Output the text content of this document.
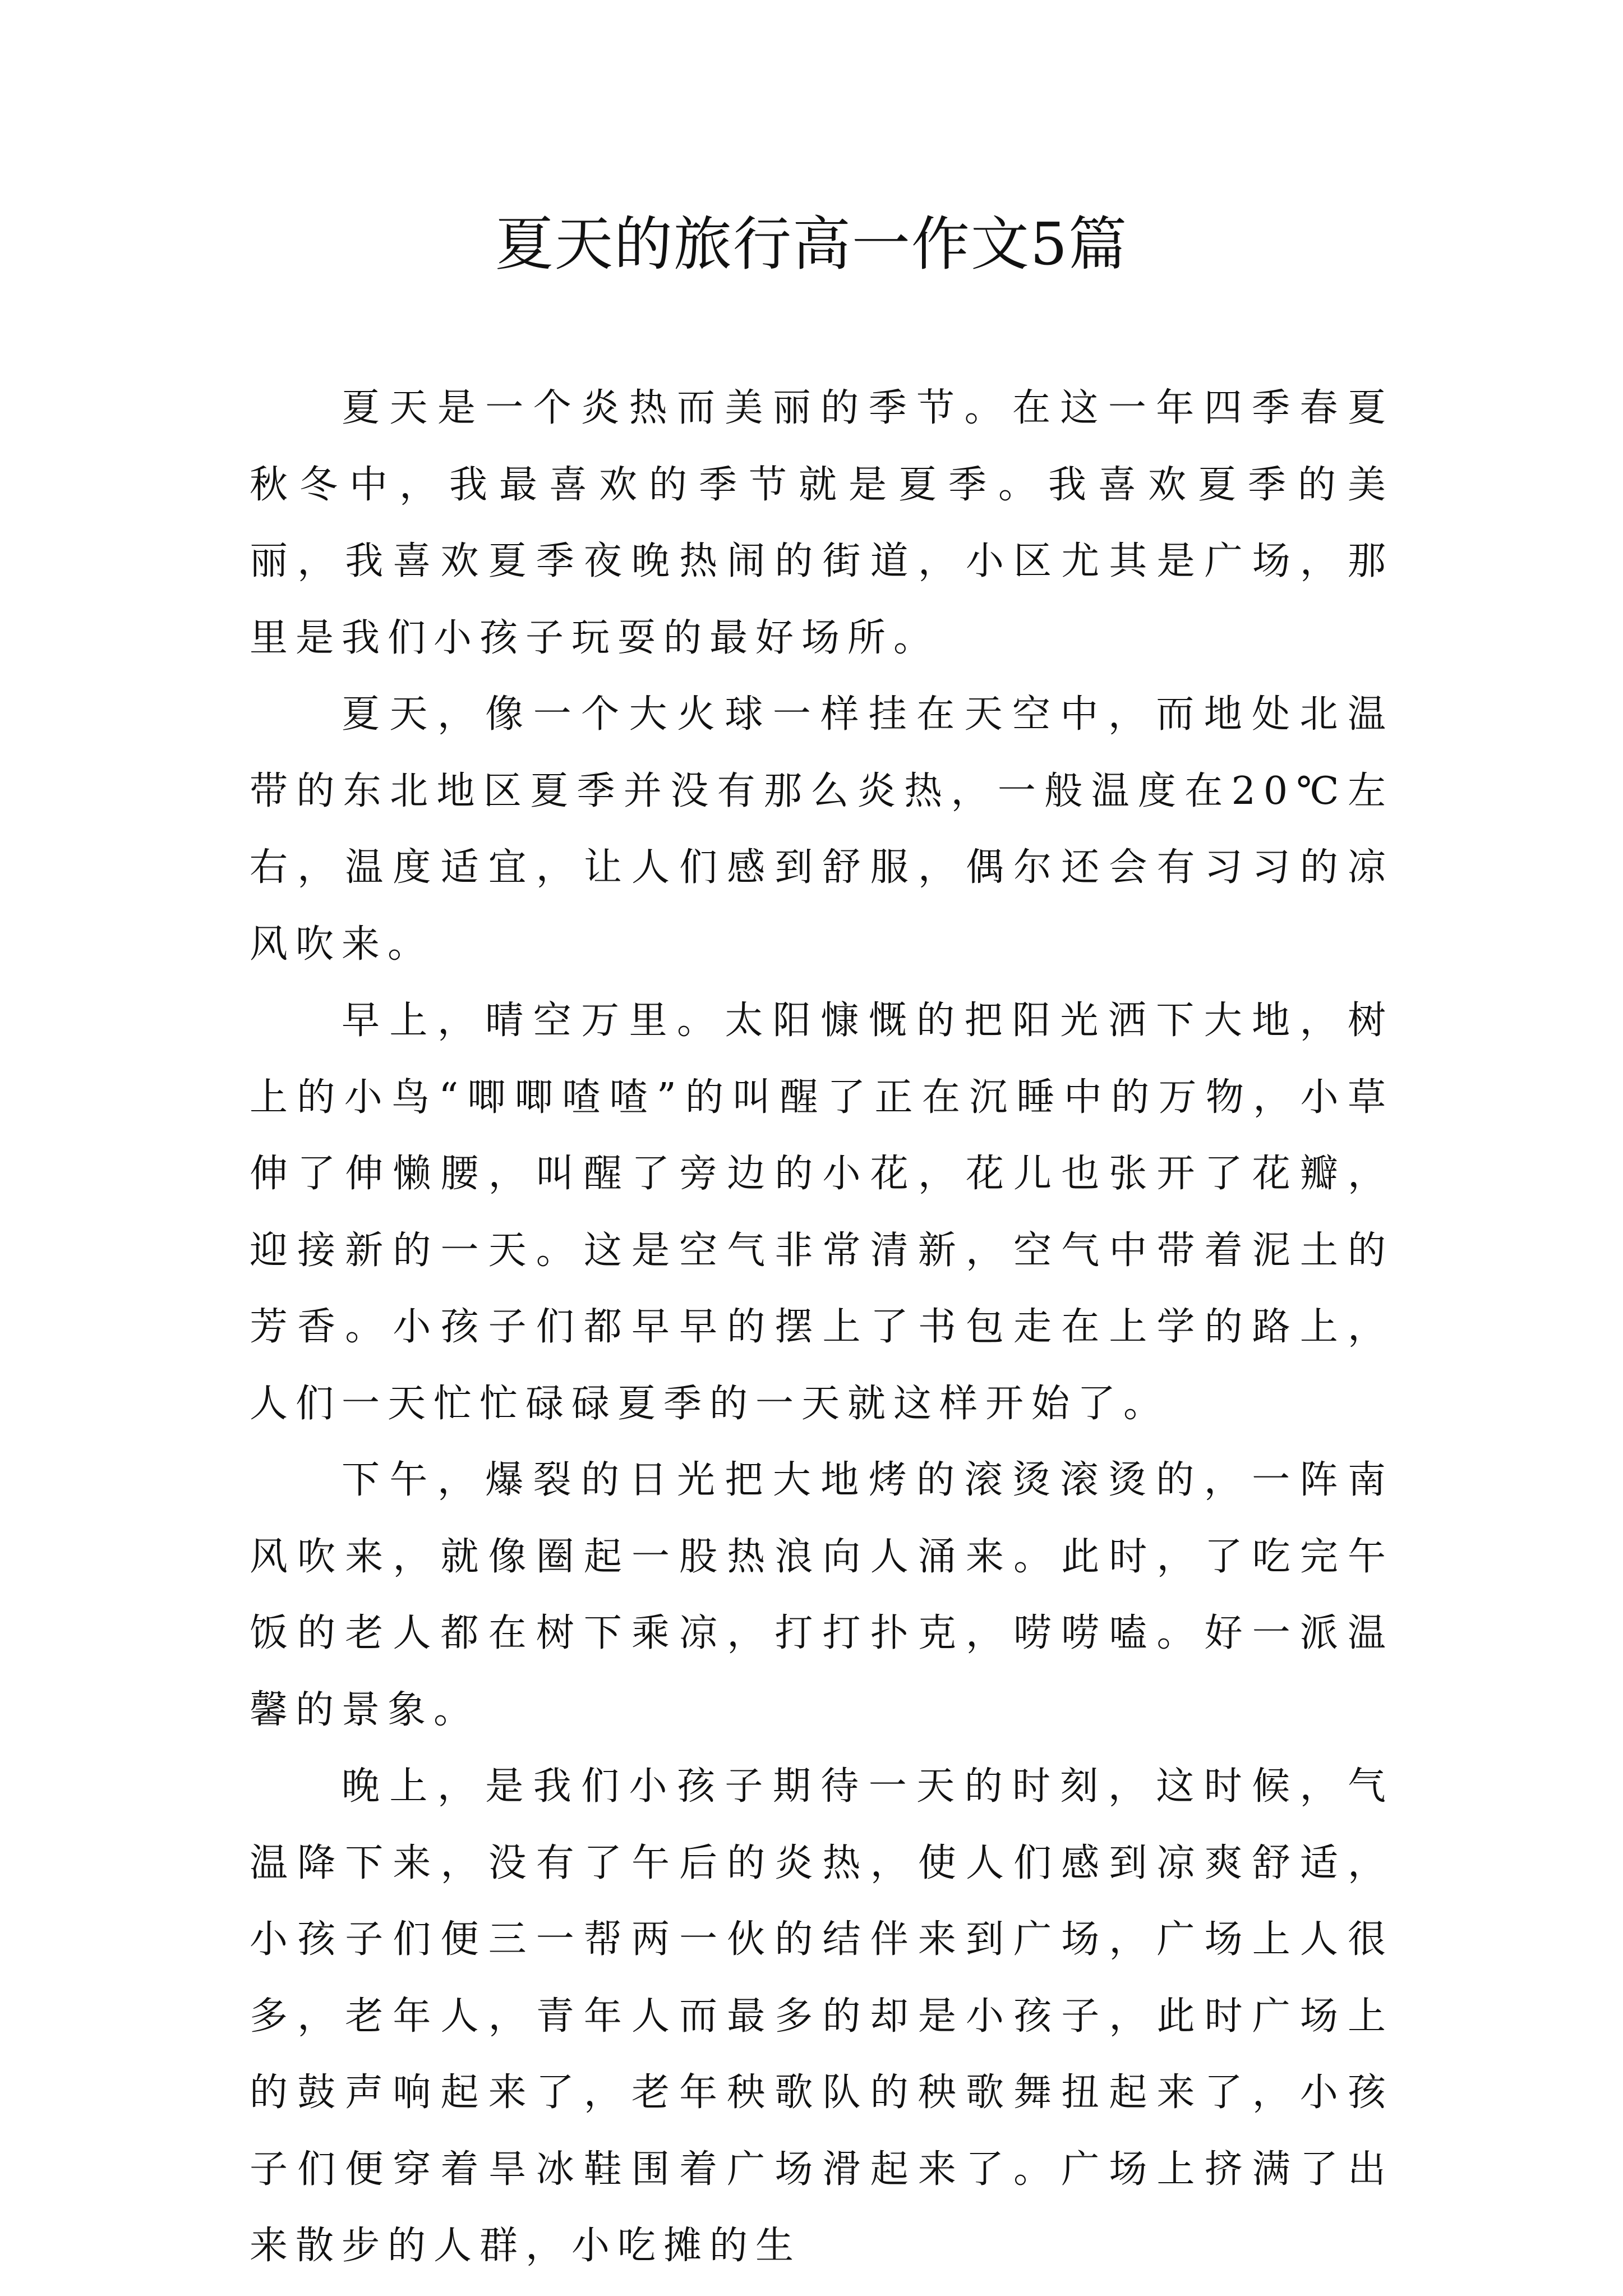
夏天的旅行高一作文5篇

夏天是一个炎热而美丽的季节。在这一年四季春夏秋冬中，我最喜欢的季节就是夏季。我喜欢夏季的美丽，我喜欢夏季夜晚热闹的街道，小区尤其是广场，那里是我们小孩子玩耍的最好场所。

夏天，像一个大火球一样挂在天空中，而地处北温带的东北地区夏季并没有那么炎热，一般温度在20℃左右，温度适宜，让人们感到舒服，偶尔还会有习习的凉风吹来。

早上，晴空万里。太阳慷慨的把阳光洒下大地，树上的小鸟“唧唧喳喳”的叫醒了正在沉睡中的万物，小草伸了伸懒腰，叫醒了旁边的小花，花儿也张开了花瓣，迎接新的一天。这是空气非常清新，空气中带着泥土的芳香。小孩子们都早早的摆上了书包走在上学的路上，人们一天忙忙碌碌夏季的一天就这样开始了。

下午，爆裂的日光把大地烤的滚烫滚烫的，一阵南风吹来，就像圈起一股热浪向人涌来。此时，了吃完午饭的老人都在树下乘凉，打打扑克，唠唠嗑。好一派温馨的景象。

晚上，是我们小孩子期待一天的时刻，这时候，气温降下来，没有了午后的炎热，使人们感到凉爽舒适，小孩子们便三一帮两一伙的结伴来到广场，广场上人很多，老年人，青年人而最多的却是小孩子，此时广场上的鼓声响起来了，老年秧歌队的秧歌舞扭起来了，小孩子们便穿着旱冰鞋围着广场滑起来了。广场上挤满了出来散步的人群，小吃摊的生
